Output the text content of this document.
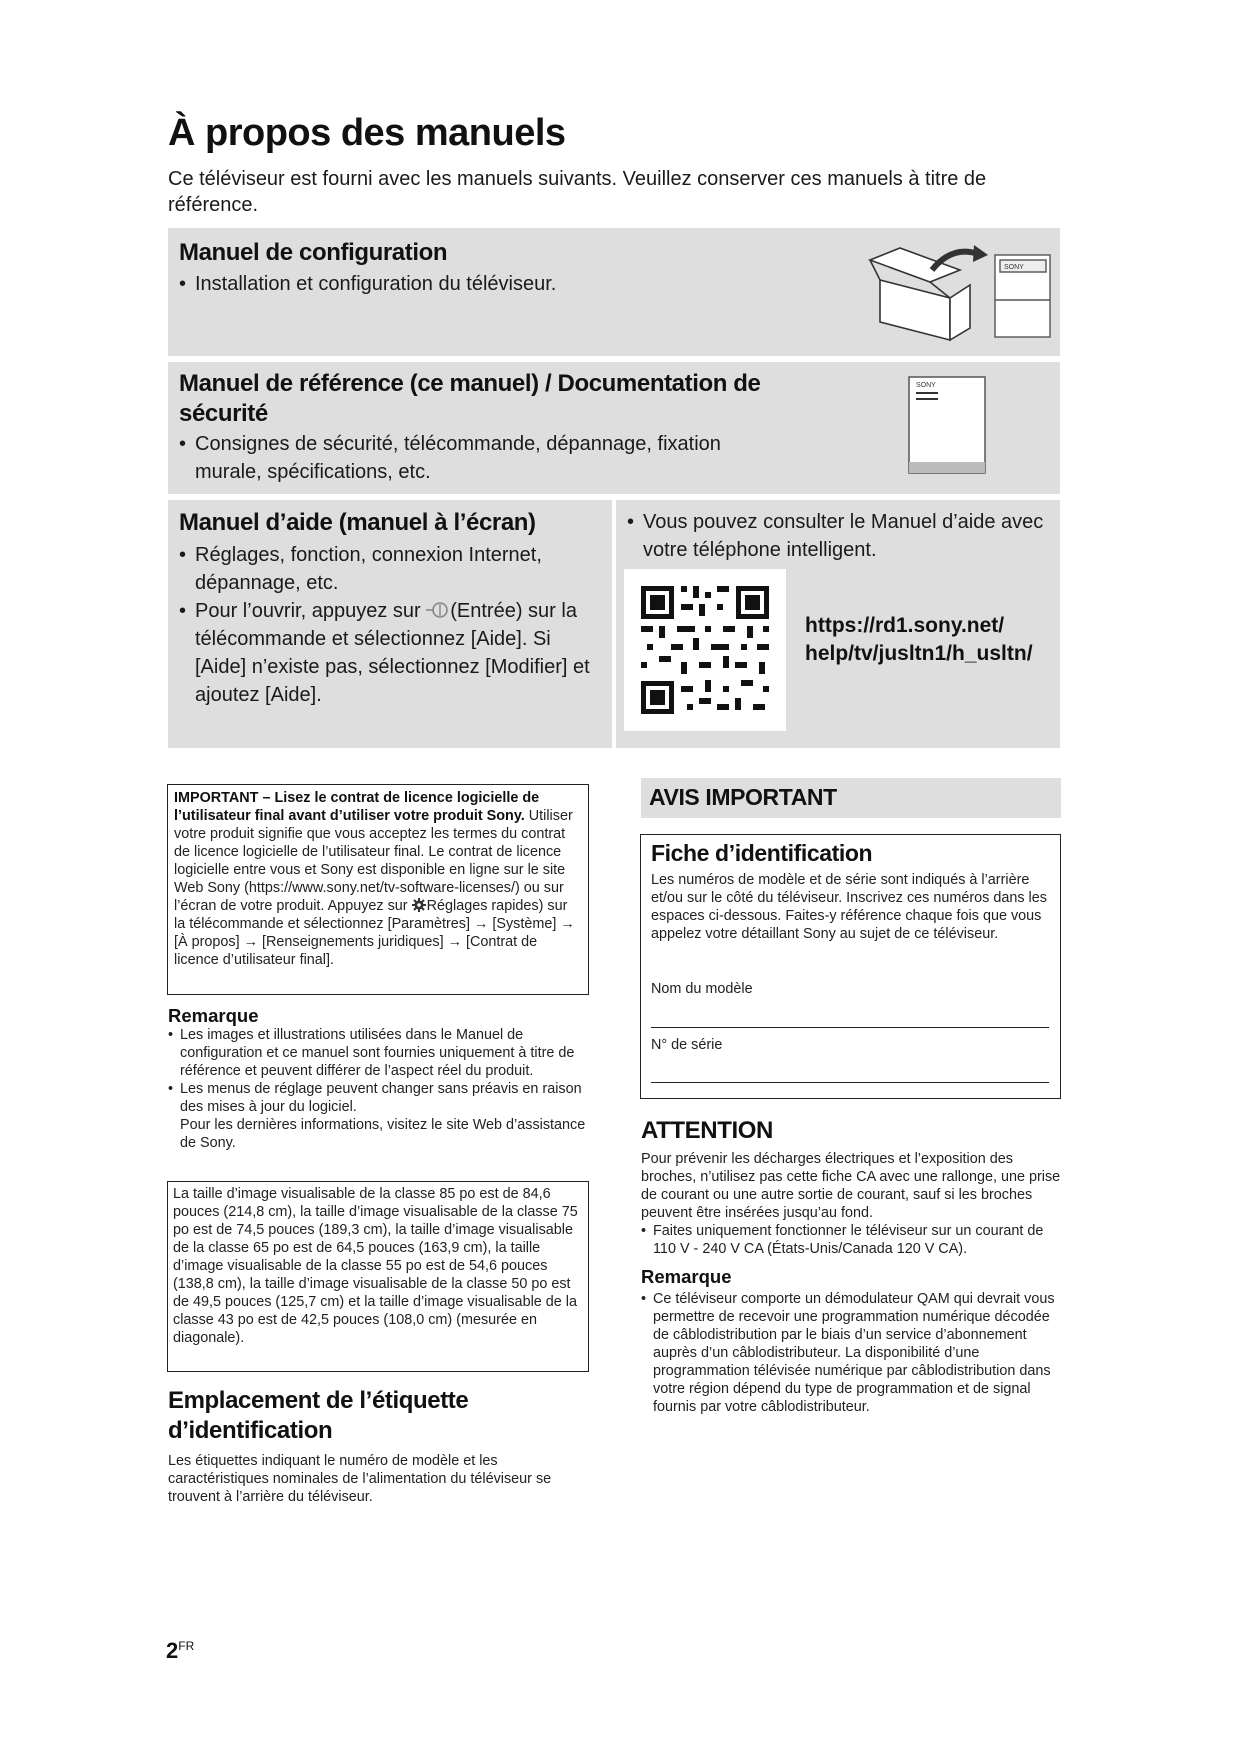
À propos des manuels

Ce téléviseur est fourni avec les manuels suivants. Veuillez conserver ces manuels à titre de référence.

Manuel de configuration
• Installation et configuration du téléviseur.
SONY
Manuel de référence (ce manuel) / Documentation de sécurité
• Consignes de sécurité, télécommande, dépannage, fixation murale, spécifications, etc.
SONY
Manuel d’aide (manuel à l’écran)
• Réglages, fonction, connexion Internet, dépannage, etc.
• Pour l’ouvrir, appuyez sur (Entrée) sur la télécommande et sélectionnez [Aide]. Si [Aide] n’existe pas, sélectionnez [Modifier] et ajoutez [Aide].
• Vous pouvez consulter le Manuel d’aide avec votre téléphone intelligent.

https://rd1.sony.net/
help/tv/jusltn1/h_usltn/

IMPORTANT – Lisez le contrat de licence logicielle de l’utilisateur final avant d’utiliser votre produit Sony. Utiliser votre produit signifie que vous acceptez les termes du contrat de licence logicielle de l’utilisateur final. Le contrat de licence logicielle entre vous et Sony est disponible en ligne sur le site Web Sony (https://www.sony.net/tv-software-licenses/) ou sur l’écran de votre produit. Appuyez sur Réglages rapides) sur la télécommande et sélectionnez [Paramètres] → [Système] → [À propos] → [Renseignements juridiques] → [Contrat de licence d’utilisateur final].

Remarque
• Les images et illustrations utilisées dans le Manuel de configuration et ce manuel sont fournies uniquement à titre de référence et peuvent différer de l’aspect réel du produit.
• Les menus de réglage peuvent changer sans préavis en raison des mises à jour du logiciel.
Pour les dernières informations, visitez le site Web d’assistance de Sony.

La taille d’image visualisable de la classe 85 po est de 84,6 pouces (214,8 cm), la taille d’image visualisable de la classe 75 po est de 74,5 pouces (189,3 cm), la taille d’image visualisable de la classe 65 po est de 64,5 pouces (163,9 cm), la taille d’image visualisable de la classe 55 po est de 54,6 pouces (138,8 cm), la taille d’image visualisable de la classe 50 po est de 49,5 pouces (125,7 cm) et la taille d’image visualisable de la classe 43 po est de 42,5 pouces (108,0 cm) (mesurée en diagonale).

Emplacement de l’étiquette d’identification

Les étiquettes indiquant le numéro de modèle et les caractéristiques nominales de l’alimentation du téléviseur se trouvent à l’arrière du téléviseur.

AVIS IMPORTANT
Fiche d’identification

Les numéros de modèle et de série sont indiqués à l’arrière et/ou sur le côté du téléviseur. Inscrivez ces numéros dans les espaces ci-dessous. Faites-y référence chaque fois que vous appelez votre détaillant Sony au sujet de ce téléviseur.

Nom du modèle

N° de série

ATTENTION

Pour prévenir les décharges électriques et l’exposition des broches, n’utilisez pas cette fiche CA avec une rallonge, une prise de courant ou une autre sortie de courant, sauf si les broches peuvent être insérées jusqu’au fond.

• Faites uniquement fonctionner le téléviseur sur un courant de 110 V - 240 V CA (États-Unis/Canada 120 V CA).
Remarque
• Ce téléviseur comporte un démodulateur QAM qui devrait vous permettre de recevoir une programmation numérique décodée de câblodistribution par le biais d’un service d’abonnement auprès d’un câblodistributeur. La disponibilité d’une programmation télévisée numérique par câblodistribution dans votre région dépend du type de programmation et de signal fournis par votre câblodistributeur.

$2^{FR}$
